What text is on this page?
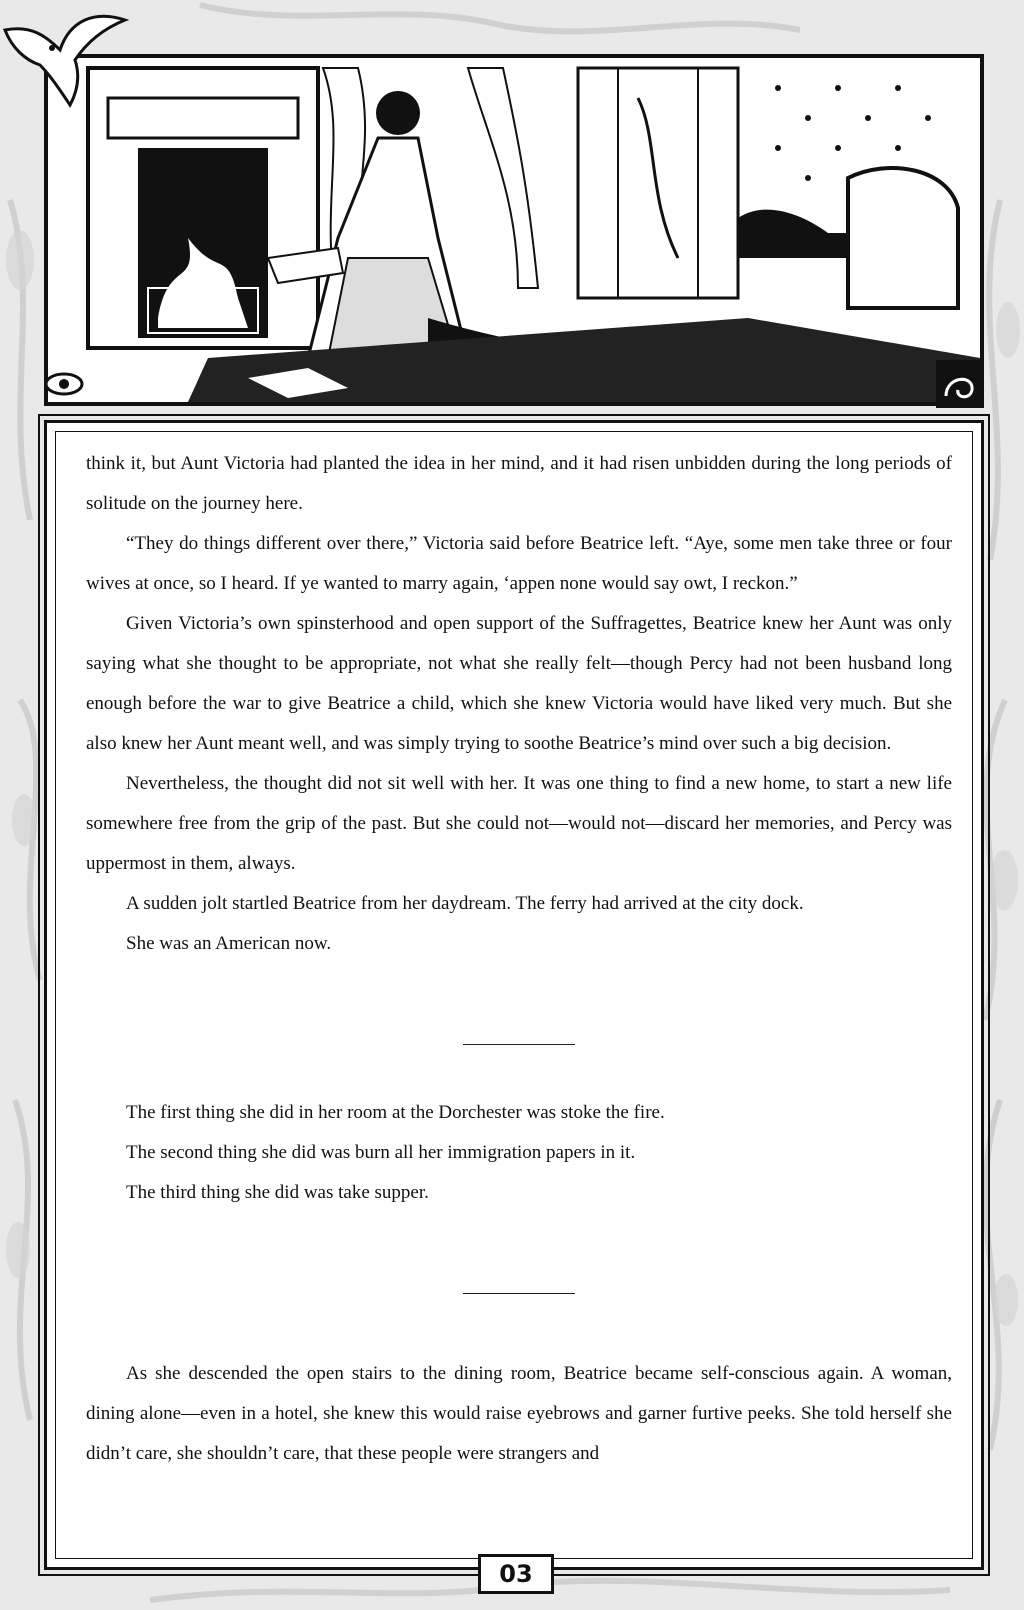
think it, but Aunt Victoria had planted the idea in her mind, and it had risen unbidden during the long periods of solitude on the journey here.

“They do things different over there,” Victoria said before Beatrice left. “Aye, some men take three or four wives at once, so I heard. If ye wanted to marry again, ‘appen none would say owt, I reckon.”

Given Victoria’s own spinsterhood and open support of the Suffragettes, Beatrice knew her Aunt was only saying what she thought to be appropriate, not what she really felt—though Percy had not been husband long enough before the war to give Beatrice a child, which she knew Victoria would have liked very much. But she also knew her Aunt meant well, and was simply trying to soothe Beatrice’s mind over such a big decision.

Nevertheless, the thought did not sit well with her. It was one thing to find a new home, to start a new life somewhere free from the grip of the past. But she could not—would not—discard her memories, and Percy was uppermost in them, always.

A sudden jolt startled Beatrice from her daydream. The ferry had arrived at the city dock.

She was an American now.

The first thing she did in her room at the Dorchester was stoke the fire.

The second thing she did was burn all her immigration papers in it.

The third thing she did was take supper.

As she descended the open stairs to the dining room, Beatrice became self-conscious again. A woman, dining alone—even in a hotel, she knew this would raise eyebrows and garner furtive peeks. She told herself she didn’t care, she shouldn’t care, that these people were strangers and

03
